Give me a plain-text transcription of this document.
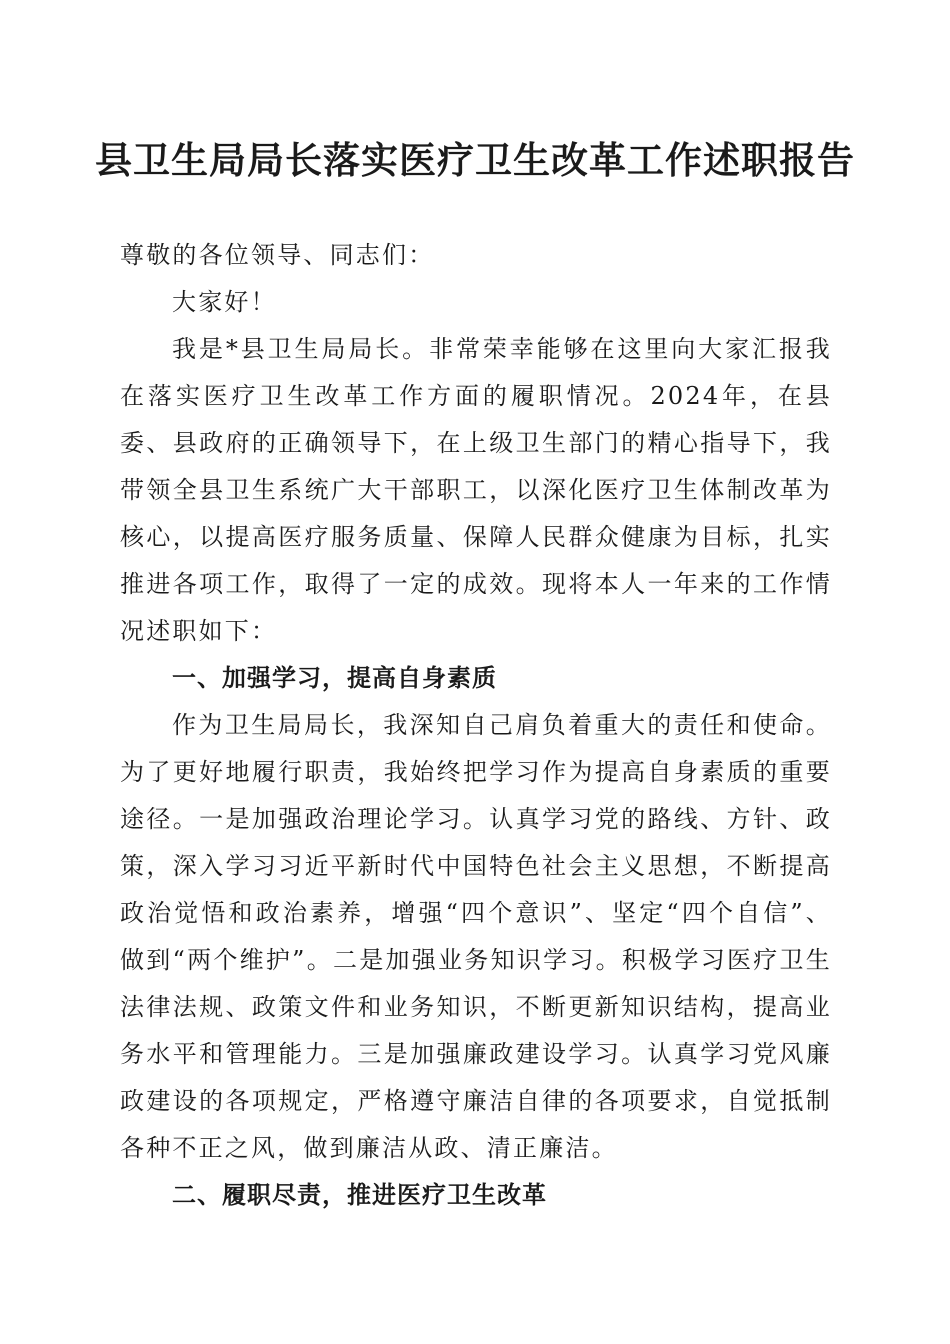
县卫生局局长落实医疗卫生改革工作述职报告

尊敬的各位领导、同志们：

大家好！

我是*县卫生局局长。非常荣幸能够在这里向大家汇报我在落实医疗卫生改革工作方面的履职情况。2024年，在县委、县政府的正确领导下，在上级卫生部门的精心指导下，我带领全县卫生系统广大干部职工，以深化医疗卫生体制改革为核心，以提高医疗服务质量、保障人民群众健康为目标，扎实推进各项工作，取得了一定的成效。现将本人一年来的工作情况述职如下：

一、加强学习，提高自身素质

作为卫生局局长，我深知自己肩负着重大的责任和使命。为了更好地履行职责，我始终把学习作为提高自身素质的重要途径。一是加强政治理论学习。认真学习党的路线、方针、政策，深入学习习近平新时代中国特色社会主义思想，不断提高政治觉悟和政治素养，增强“四个意识”、坚定“四个自信”、做到“两个维护”。二是加强业务知识学习。积极学习医疗卫生法律法规、政策文件和业务知识，不断更新知识结构，提高业务水平和管理能力。三是加强廉政建设学习。认真学习党风廉政建设的各项规定，严格遵守廉洁自律的各项要求，自觉抵制各种不正之风，做到廉洁从政、清正廉洁。

二、履职尽责，推进医疗卫生改革
